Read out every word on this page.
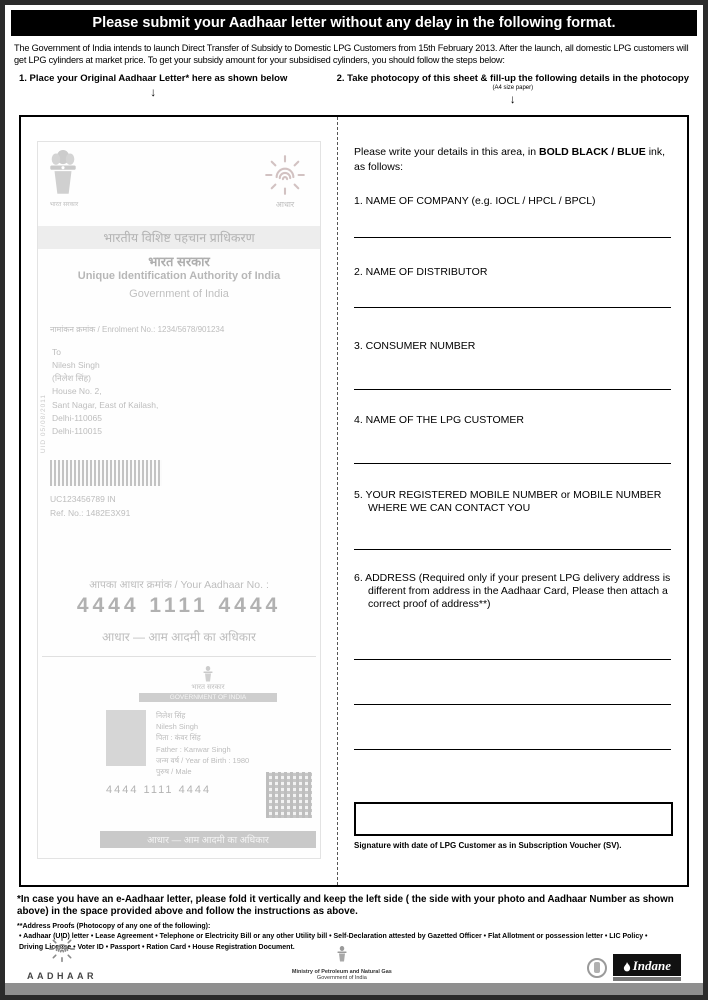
Please submit your Aadhaar letter without any delay in the following format.
The Government of India intends to launch Direct Transfer of Subsidy to Domestic LPG Customers from 15th February 2013. After the launch, all domestic LPG customers will get LPG cylinders at market price. To get your subsidy amount for your subsidised cylinders, you should follow the steps below:
1. Place your Original Aadhaar Letter* here as shown below
↓
2. Take photocopy of this sheet & fill-up the following details in the photocopy
(A4 size paper)
↓
भारत सरकार	आधार
भारतीय विशिष्ट पहचान प्राधिकरण
भारत सरकार
Unique Identification Authority of India
Government of India
नामांकन क्रमांक / Enrolment No.: 1234/5678/901234
To
Nilesh Singh
(निलेश सिंह)
House No. 2,
Sant Nagar, East of Kailash,
Delhi-110065
Delhi-110015
UID 05/08/2011
UC123456789 IN
Ref. No.: 1482E3X91
आपका आधार क्रमांक / Your Aadhaar No. :
4444 1111 4444
आधार — आम आदमी का अधिकार
भारत सरकार
GOVERNMENT OF INDIA
निलेश सिंह
Nilesh Singh
पिता : कंवर सिंह
Father : Kanwar Singh
जन्म वर्ष / Year of Birth : 1980
पुरुष / Male
4444 1111 4444
आधार — आम आदमी का अधिकार
Please write your details in this area, in BOLD BLACK / BLUE ink, as follows:
1. NAME OF COMPANY (e.g. IOCL / HPCL / BPCL)
2. NAME OF DISTRIBUTOR
3. CONSUMER NUMBER
4. NAME OF THE LPG CUSTOMER
5. YOUR REGISTERED MOBILE NUMBER or MOBILE NUMBER WHERE WE CAN CONTACT YOU
6. ADDRESS (Required only if your present LPG delivery address is different from address in the Aadhaar Card, Please then attach a correct proof of address**)
Signature with date of LPG Customer as in Subscription Voucher (SV).
*In case you have an e-Aadhaar letter, please fold it vertically and keep the left side ( the side with your photo and Aadhaar Number as shown above) in the space provided above and follow the instructions as above.
**Address Proofs (Photocopy of any one of the following):
• Aadhaar (UID) letter • Lease Agreement • Telephone or Electricity Bill or any other Utility bill • Self-Declaration attested by Gazetted Officer • Flat Allotment or possession letter • LIC Policy • Driving License • Voter ID • Passport • Ration Card • House Registration Document.
AADHAAR	Ministry of Petroleum and Natural Gas
Government of India
Indane
